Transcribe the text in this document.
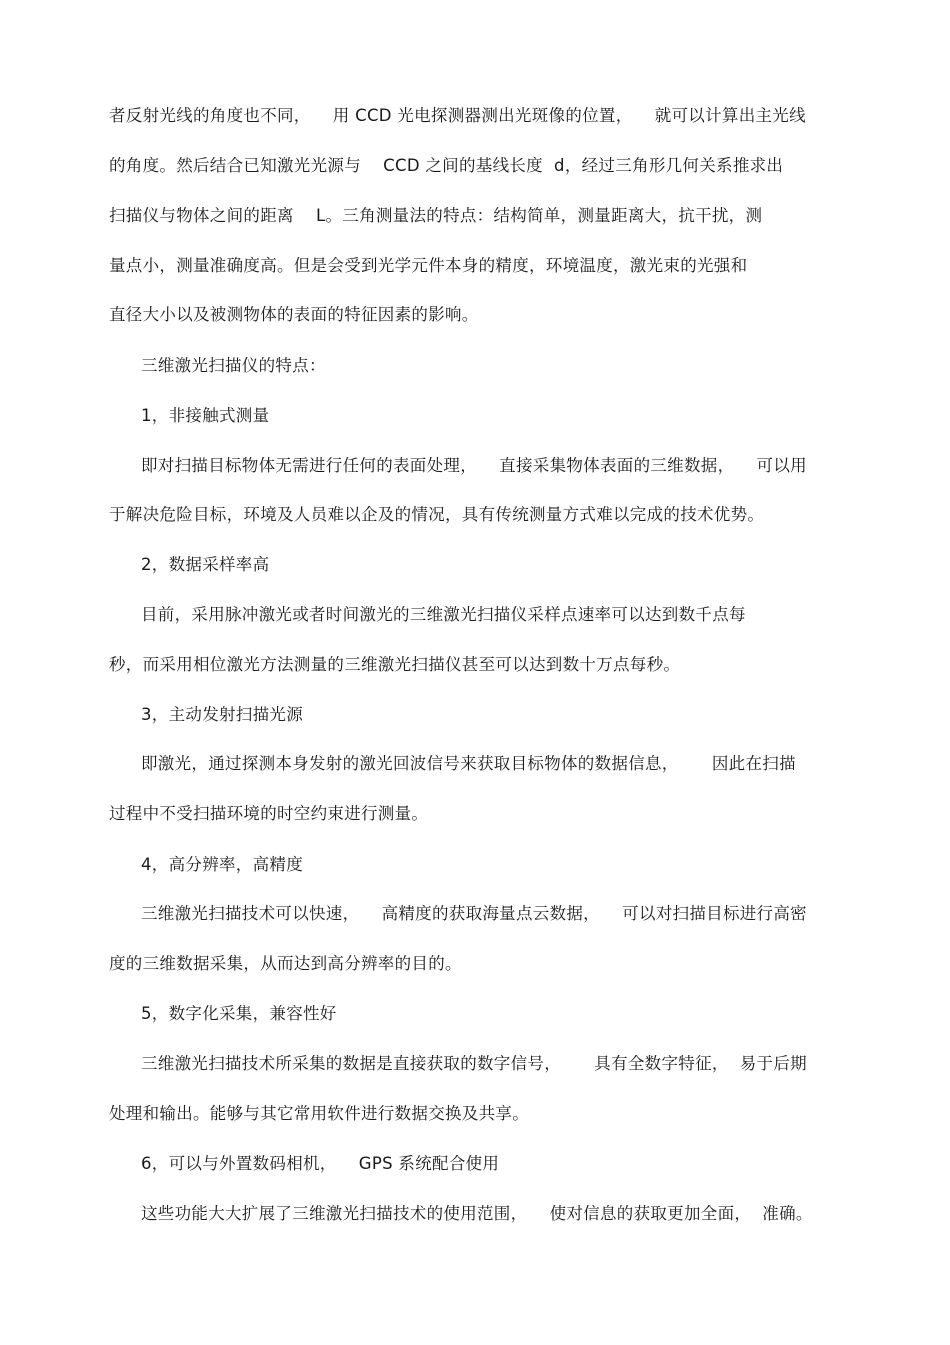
者反射光线的角度也不同，    用 CCD 光电探测器测出光斑像的位置，    就可以计算出主光线
的角度。然后结合已知激光光源与    CCD 之间的基线长度  d，经过三角形几何关系推求出
扫描仪与物体之间的距离    L。三角测量法的特点：结构简单，测量距离大，抗干扰，测
量点小，测量准确度高。但是会受到光学元件本身的精度，环境温度，激光束的光强和
直径大小以及被测物体的表面的特征因素的影响。
三维激光扫描仪的特点：
1，非接触式测量
即对扫描目标物体无需进行任何的表面处理，    直接采集物体表面的三维数据，    可以用
于解决危险目标，环境及人员难以企及的情况，具有传统测量方式难以完成的技术优势。
2，数据采样率高
目前，采用脉冲激光或者时间激光的三维激光扫描仪采样点速率可以达到数千点每
秒，而采用相位激光方法测量的三维激光扫描仪甚至可以达到数十万点每秒。
3，主动发射扫描光源
即激光，通过探测本身发射的激光回波信号来获取目标物体的数据信息，      因此在扫描
过程中不受扫描环境的时空约束进行测量。
4，高分辨率，高精度
三维激光扫描技术可以快速，    高精度的获取海量点云数据，    可以对扫描目标进行高密
度的三维数据采集，从而达到高分辨率的目的。
5，数字化采集，兼容性好
三维激光扫描技术所采集的数据是直接获取的数字信号，      具有全数字特征，  易于后期
处理和输出。能够与其它常用软件进行数据交换及共享。
6，可以与外置数码相机，    GPS 系统配合使用
这些功能大大扩展了三维激光扫描技术的使用范围，    使对信息的获取更加全面，  准确。
